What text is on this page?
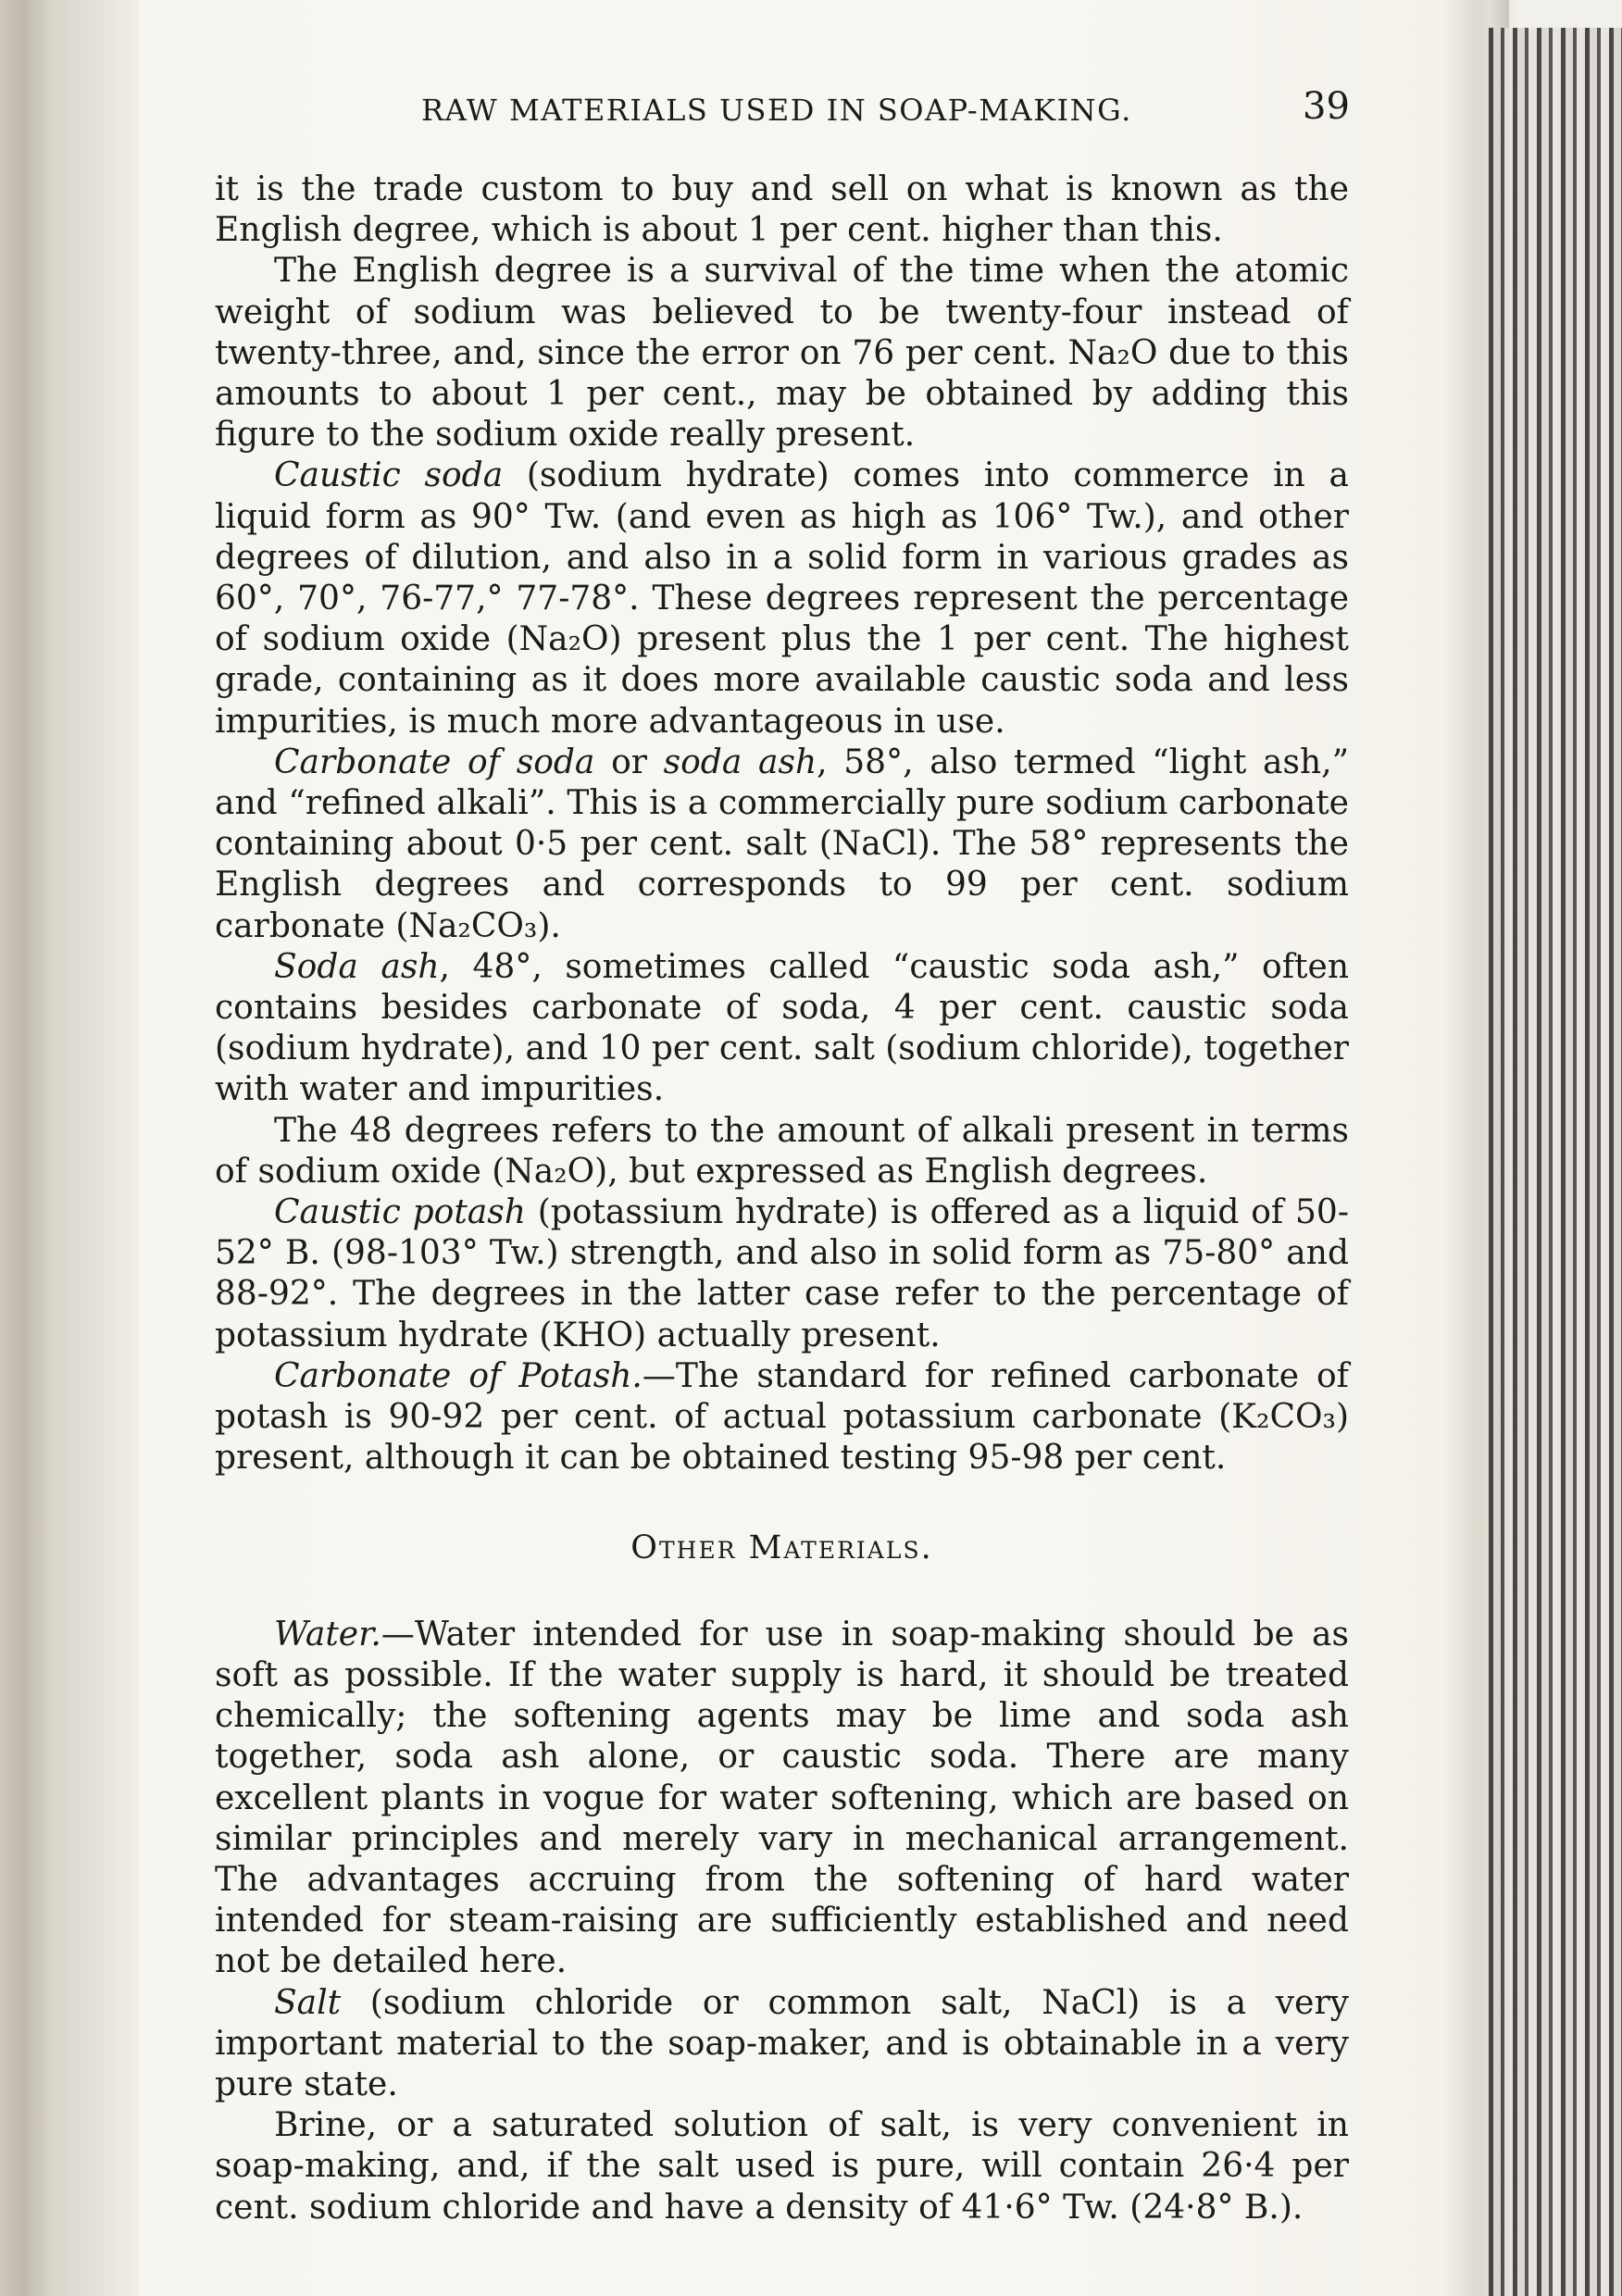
RAW MATERIALS USED IN SOAP-MAKING.	39

it is the trade custom to buy and sell on what is known as the English degree, which is about 1 per cent. higher than this.

The English degree is a survival of the time when the atomic weight of sodium was believed to be twenty-four instead of twenty-three, and, since the error on 76 per cent. Na₂O due to this amounts to about 1 per cent., may be obtained by adding this figure to the sodium oxide really present.

Caustic soda (sodium hydrate) comes into commerce in a liquid form as 90° Tw. (and even as high as 106° Tw.), and other degrees of dilution, and also in a solid form in various grades as 60°, 70°, 76-77,° 77-78°. These degrees represent the percentage of sodium oxide (Na₂O) present plus the 1 per cent. The highest grade, containing as it does more available caustic soda and less impurities, is much more advantageous in use.

Carbonate of soda or soda ash, 58°, also termed “light ash,” and “refined alkali”. This is a commercially pure sodium carbonate containing about 0·5 per cent. salt (NaCl). The 58° represents the English degrees and corresponds to 99 per cent. sodium carbonate (Na₂CO₃).

Soda ash, 48°, sometimes called “caustic soda ash,” often contains besides carbonate of soda, 4 per cent. caustic soda (sodium hydrate), and 10 per cent. salt (sodium chloride), together with water and impurities.

The 48 degrees refers to the amount of alkali present in terms of sodium oxide (Na₂O), but expressed as English degrees.

Caustic potash (potassium hydrate) is offered as a liquid of 50-52° B. (98-103° Tw.) strength, and also in solid form as 75-80° and 88-92°. The degrees in the latter case refer to the percentage of potassium hydrate (KHO) actually present.

Carbonate of Potash.—The standard for refined carbonate of potash is 90-92 per cent. of actual potassium carbonate (K₂CO₃) present, although it can be obtained testing 95-98 per cent.

Other Materials.

Water.—Water intended for use in soap-making should be as soft as possible. If the water supply is hard, it should be treated chemically; the softening agents may be lime and soda ash together, soda ash alone, or caustic soda. There are many excellent plants in vogue for water softening, which are based on similar principles and merely vary in mechanical arrangement. The advantages accruing from the softening of hard water intended for steam-raising are sufficiently established and need not be detailed here.

Salt (sodium chloride or common salt, NaCl) is a very important material to the soap-maker, and is obtainable in a very pure state.

Brine, or a saturated solution of salt, is very convenient in soap-making, and, if the salt used is pure, will contain 26·4 per cent. sodium chloride and have a density of 41·6° Tw. (24·8° B.).
